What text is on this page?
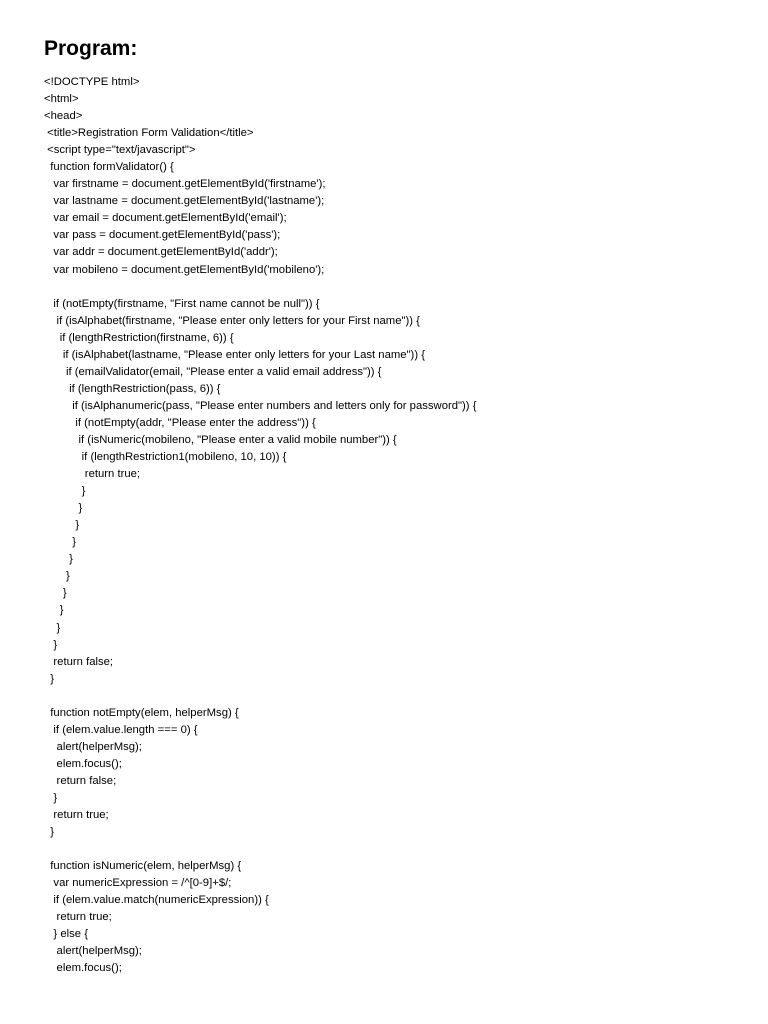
Program:
<!DOCTYPE html>
<html>
<head>
<title>Registration Form Validation</title>
<script type="text/javascript">
function formValidator() {
var firstname = document.getElementById('firstname');
var lastname = document.getElementById('lastname');
var email = document.getElementById('email');
var pass = document.getElementById('pass');
var addr = document.getElementById('addr');
var mobileno = document.getElementById('mobileno');
if (notEmpty(firstname, "First name cannot be null")) {
if (isAlphabet(firstname, "Please enter only letters for your First name")) {
if (lengthRestriction(firstname, 6)) {
if (isAlphabet(lastname, "Please enter only letters for your Last name")) {
if (emailValidator(email, "Please enter a valid email address")) {
if (lengthRestriction(pass, 6)) {
if (isAlphanumeric(pass, "Please enter numbers and letters only for password")) {
if (notEmpty(addr, "Please enter the address")) {
if (isNumeric(mobileno, "Please enter a valid mobile number")) {
if (lengthRestriction1(mobileno, 10, 10)) {
return true;
}
}
}
}
}
}
}
}
}
}
return false;
}
function notEmpty(elem, helperMsg) {
if (elem.value.length === 0) {
alert(helperMsg);
elem.focus();
return false;
}
return true;
}
function isNumeric(elem, helperMsg) {
var numericExpression = /^[0-9]+$/;
if (elem.value.match(numericExpression)) {
return true;
} else {
alert(helperMsg);
elem.focus();
